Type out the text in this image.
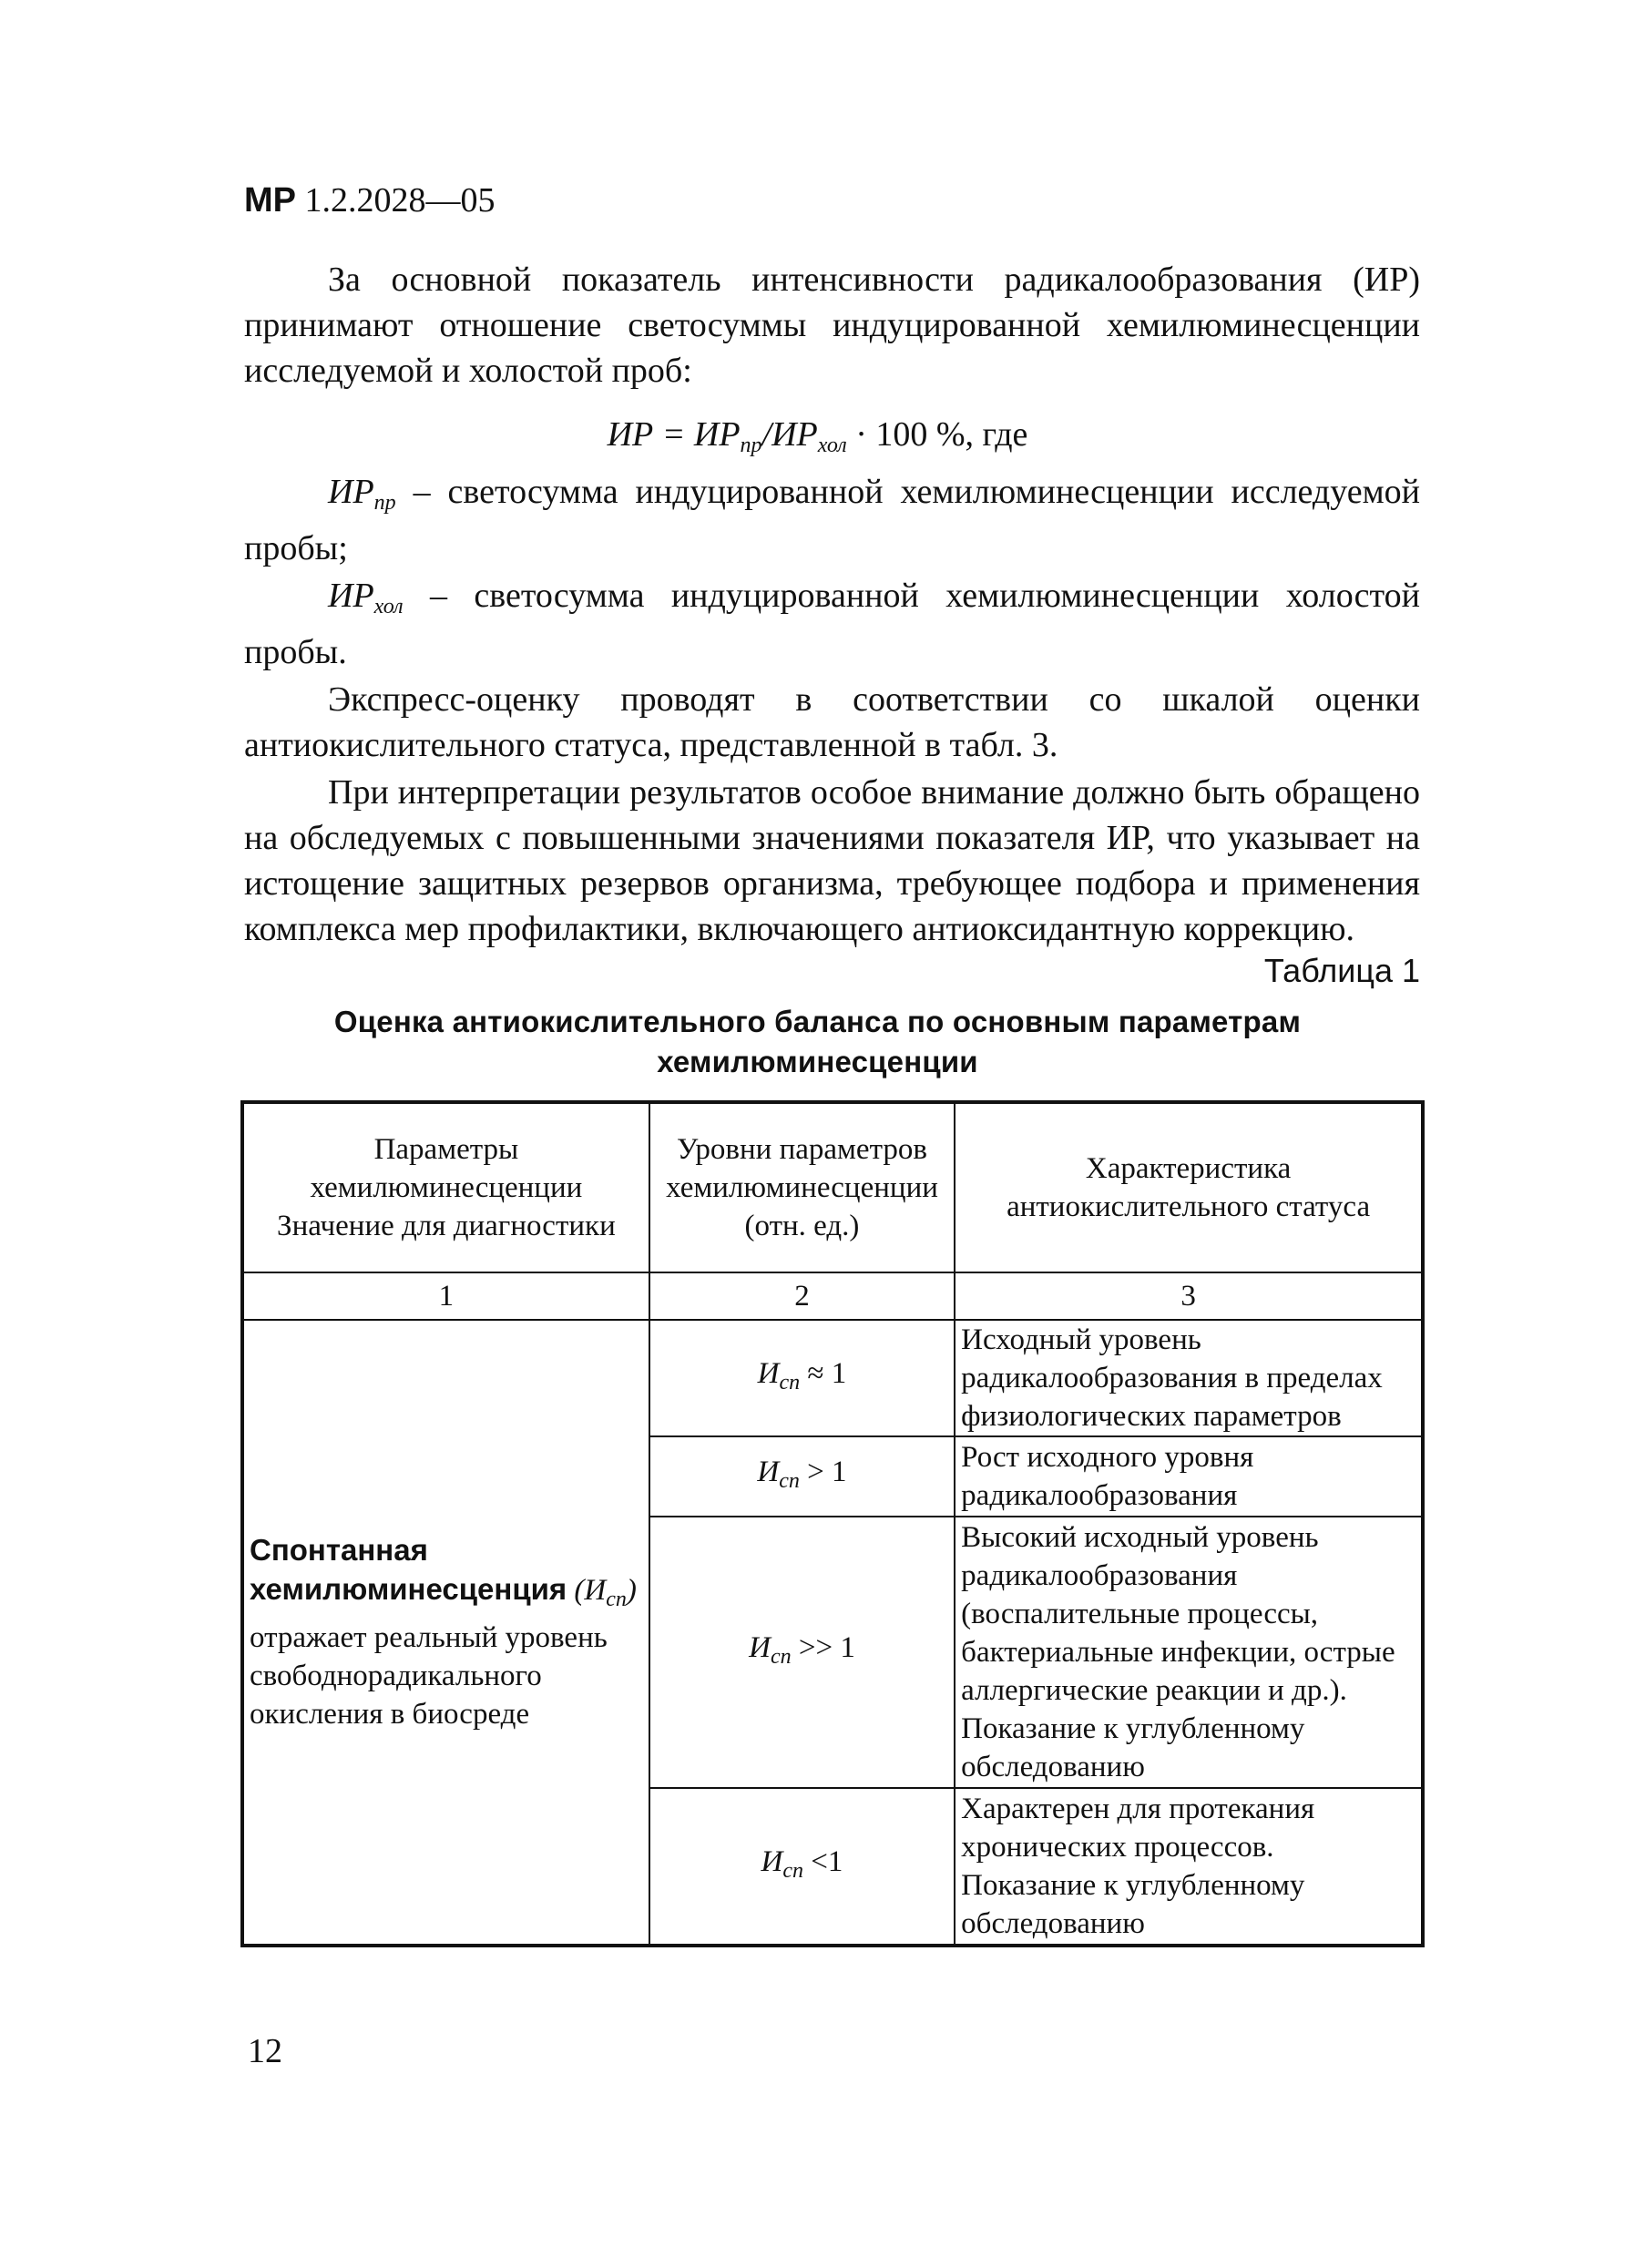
МР 1.2.2028—05

За основной показатель интенсивности радикалообразования (ИР) принимают отношение светосуммы индуцированной хемилюминесценции исследуемой и холостой проб:

ИР = $ИР_{пр}/ИР_{хол} \cdot 100$ %, где

$ИР_{пр}$ – светосумма индуцированной хемилюминесценции исследуемой пробы;

$ИР_{хол}$ – светосумма индуцированной хемилюминесценции холостой пробы.

Экспресс-оценку проводят в соответствии со шкалой оценки антиокислительного статуса, представленной в табл. 3.

При интерпретации результатов особое внимание должно быть обращено на обследуемых с повышенными значениями показателя ИР, что указывает на истощение защитных резервов организма, требующее подбора и применения комплекса мер профилактики, включающего антиоксидантную коррекцию.

Таблица 1
Оценка антиокислительного баланса по основным параметрам
хемилюминесценции
Параметры хемилюминесценции Значение для диагностики	Уровни параметров хемилюминесценции (отн. ед.)	Характеристика антиокислительного статуса
1	2	3
Спонтанная хемилюминесценция $(И_{сп})$ отражает реальный уровень свободнорадикального окисления в биосреде	$И_{сп} \approx 1$	Исходный уровень радикалообразования в пределах физиологических параметров
	$И_{сп} > 1$	Рост исходного уровня радикалообразования
	$И_{сп} >> 1$	Высокий исходный уровень радикалообразования (воспалительные процессы, бактериальные инфекции, острые аллергические реакции и др.). Показание к углубленному обследованию
	$И_{сп} <1$	Характерен для протекания хронических процессов. Показание к углубленному обследованию
12
